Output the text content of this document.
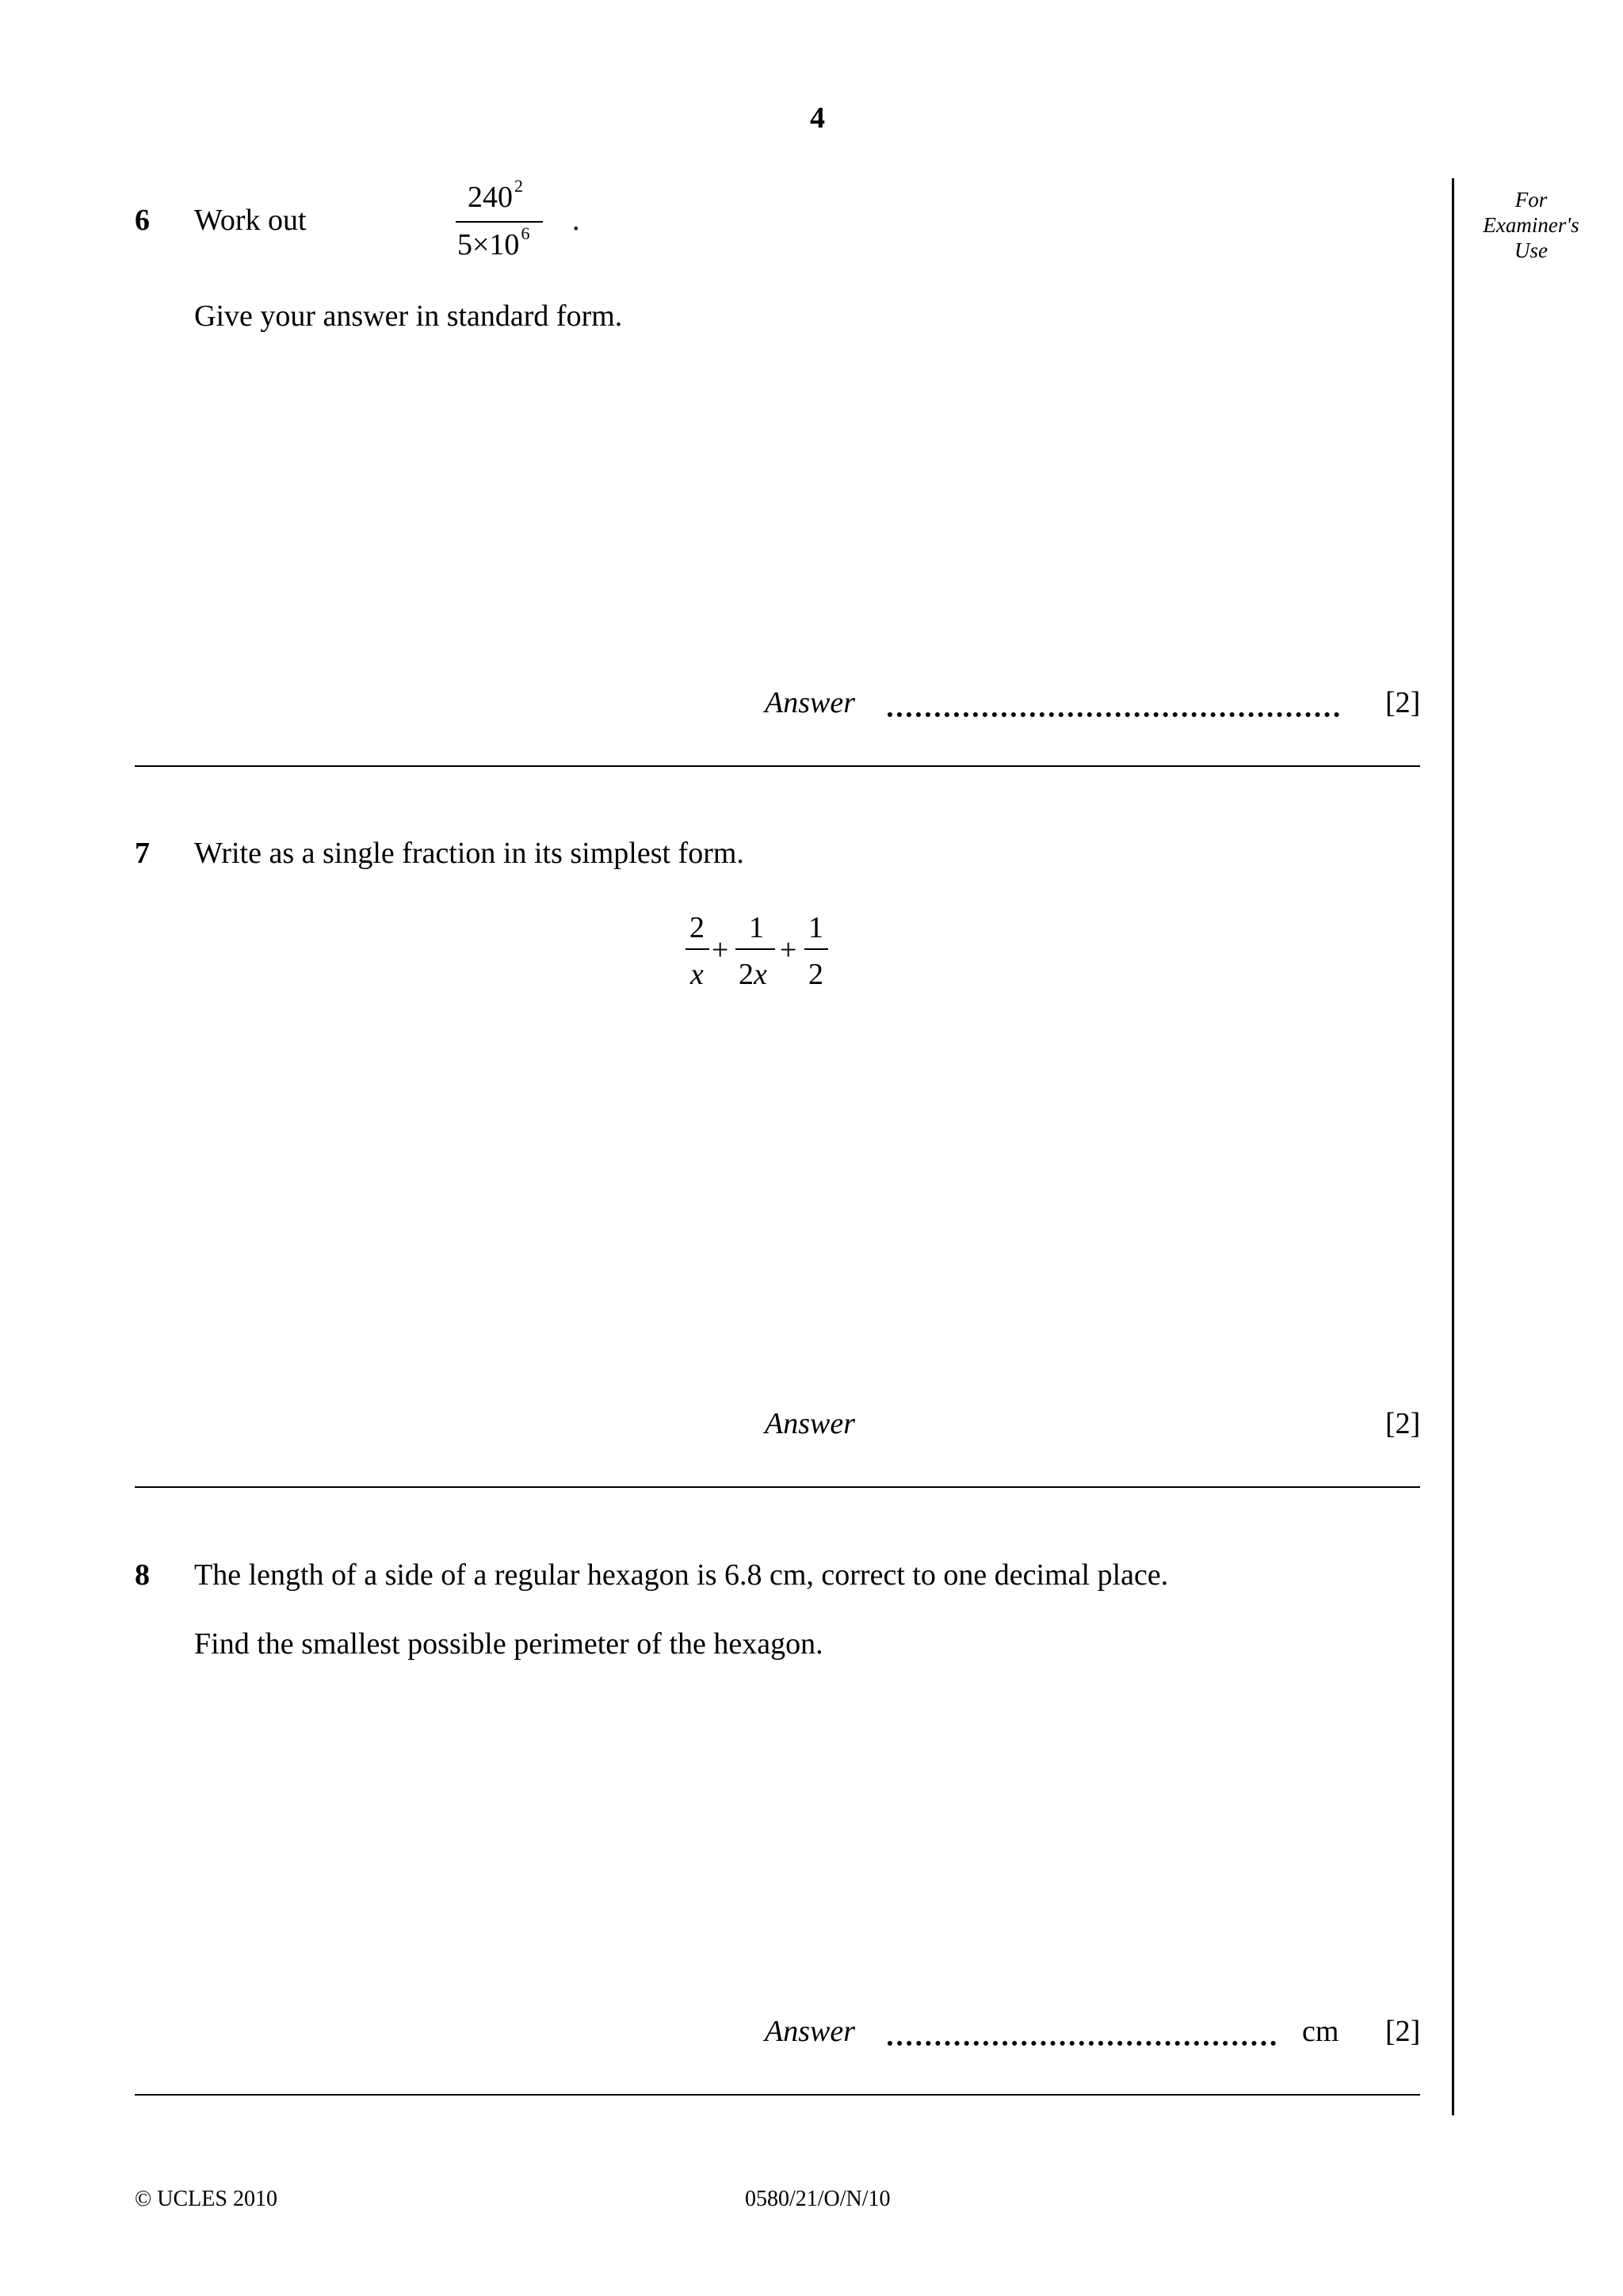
4
For
Examiner's
Use
6 Work out
$240^2$
$5\times 10^6$ .
Give your answer in standard form.
Answer	[2]
7 Write as a single fraction in its simplest form.
2
x
+
1
2x
+
1
2
Answer	[2]
8 The length of a side of a regular hexagon is 6.8 cm, correct to one decimal place.
Find the smallest possible perimeter of the hexagon.
Answer	cm [2]
© UCLES 2010	0580/21/O/N/10
